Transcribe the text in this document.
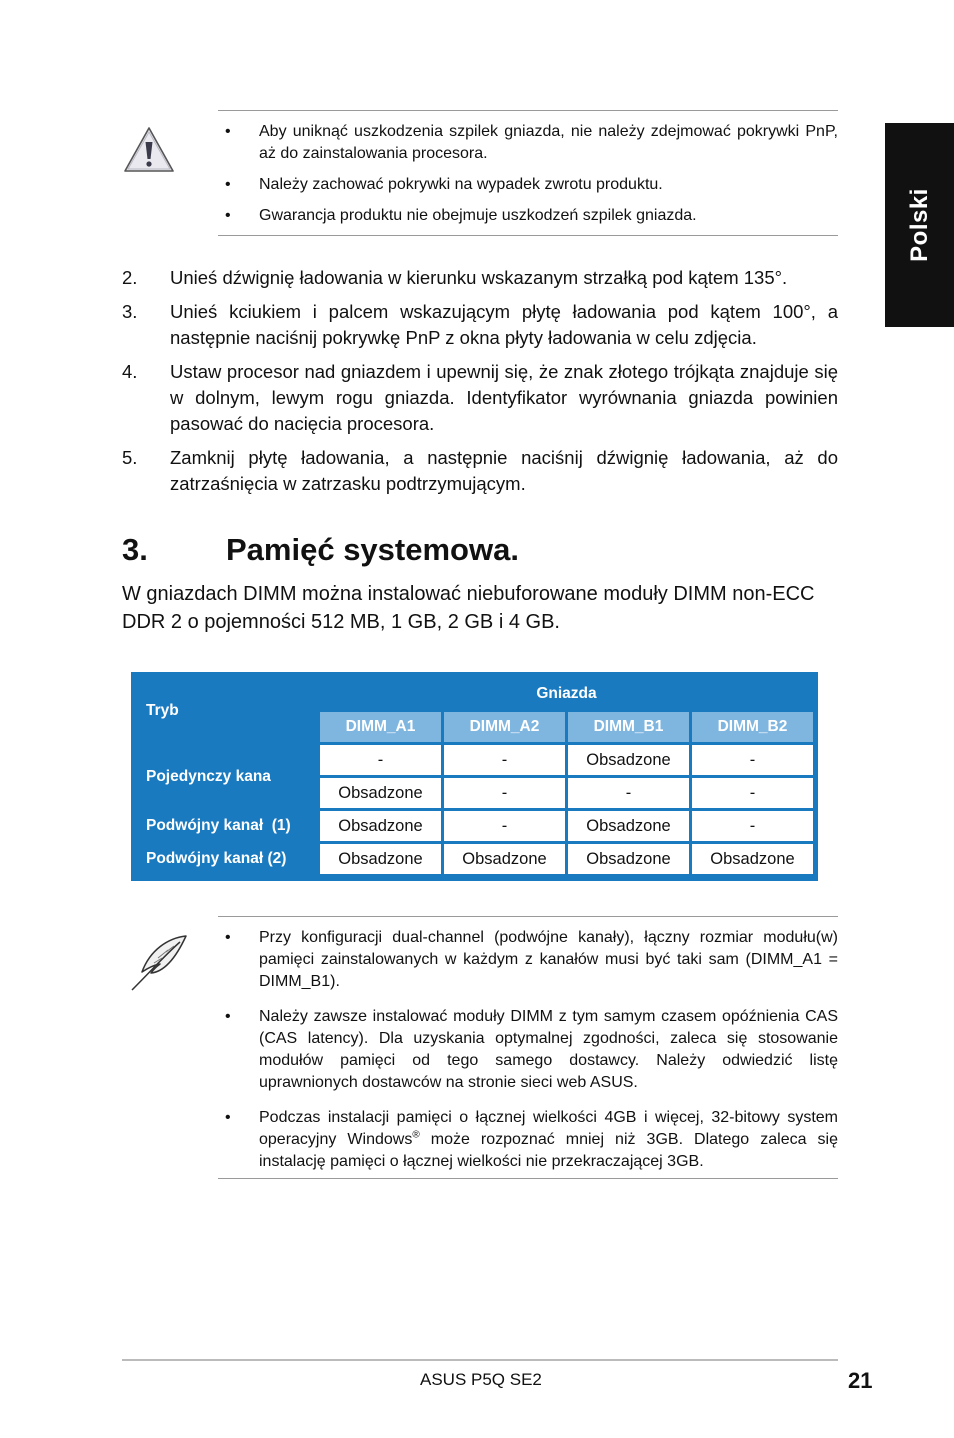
Polski
• Aby uniknąć uszkodzenia szpilek gniazda, nie należy zdejmować pokrywki PnP, aż do zainstalowania procesora.
• Należy zachować pokrywki na wypadek zwrotu produktu.
• Gwarancja produktu nie obejmuje uszkodzeń szpilek gniazda.
2. Unieś dźwignię ładowania w kierunku wskazanym strzałką pod kątem 135°.
3. Unieś kciukiem i palcem wskazującym płytę ładowania pod kątem 100°, a następnie naciśnij pokrywkę PnP z okna płyty ładowania w celu zdjęcia.
4. Ustaw procesor nad gniazdem i upewnij się, że znak złotego trójkąta znajduje się w dolnym, lewym rogu gniazda. Identyfikator wyrównania gniazda powinien pasować do nacięcia procesora.
5. Zamknij płytę ładowania, a następnie naciśnij dźwignię ładowania, aż do zatrzaśnięcia w zatrzasku podtrzymującym.
3.	Pamięć systemowa.
W gniazdach DIMM można instalować niebuforowane moduły DIMM non-ECC DDR 2 o pojemności 512 MB, 1 GB, 2 GB i 4 GB.
Tryb	Gniazda			
	DIMM_A1	DIMM_A2	DIMM_B1	DIMM_B2
Pojedynczy kana	-	-	Obsadzone	-
	Obsadzone	-	-	-
Podwójny kanał  (1)	Obsadzone	-	Obsadzone	-
Podwójny kanał (2)	Obsadzone	Obsadzone	Obsadzone	Obsadzone
• Przy konfiguracji dual-channel (podwójne kanały), łączny rozmiar modułu(w) pamięci zainstalowanych w każdym z kanałów musi być taki sam (DIMM_A1 = DIMM_B1).
• Należy zawsze instalować moduły DIMM z tym samym czasem opóźnienia CAS (CAS latency). Dla uzyskania optymalnej zgodności, zaleca się stosowanie modułów pamięci od tego samego dostawcy. Należy odwiedzić listę uprawnionych dostawców na stronie sieci web ASUS.
• Podczas instalacji pamięci o łącznej wielkości 4GB i więcej, 32-bitowy system operacyjny Windows® może rozpoznać mniej niż 3GB. Dlatego zaleca się instalację pamięci o łącznej wielkości nie przekraczającej 3GB.
ASUS P5Q SE2	21
